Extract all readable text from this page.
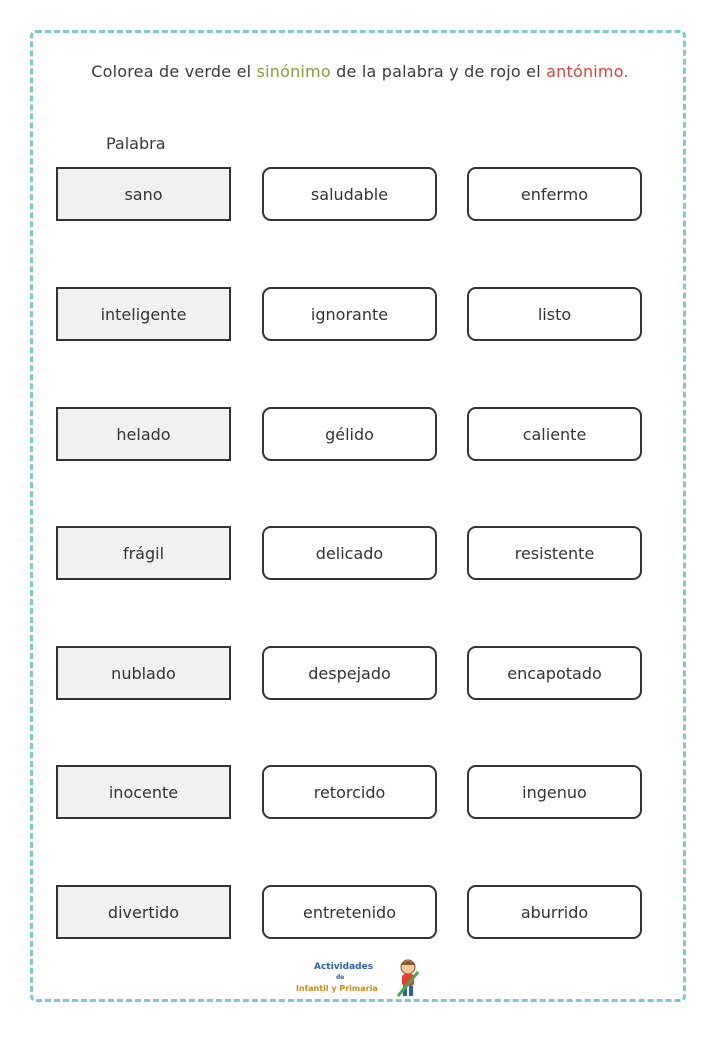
Colorea de verde el sinónimo de la palabra y de rojo el antónimo.
Palabra
sano	saludable	enfermo
inteligente	ignorante	listo
helado	gélido	caliente
frágil	delicado	resistente
nublado	despejado	encapotado
inocente	retorcido	ingenuo
divertido	entretenido	aburrido
Actividades
de
Infantil y Primaria
